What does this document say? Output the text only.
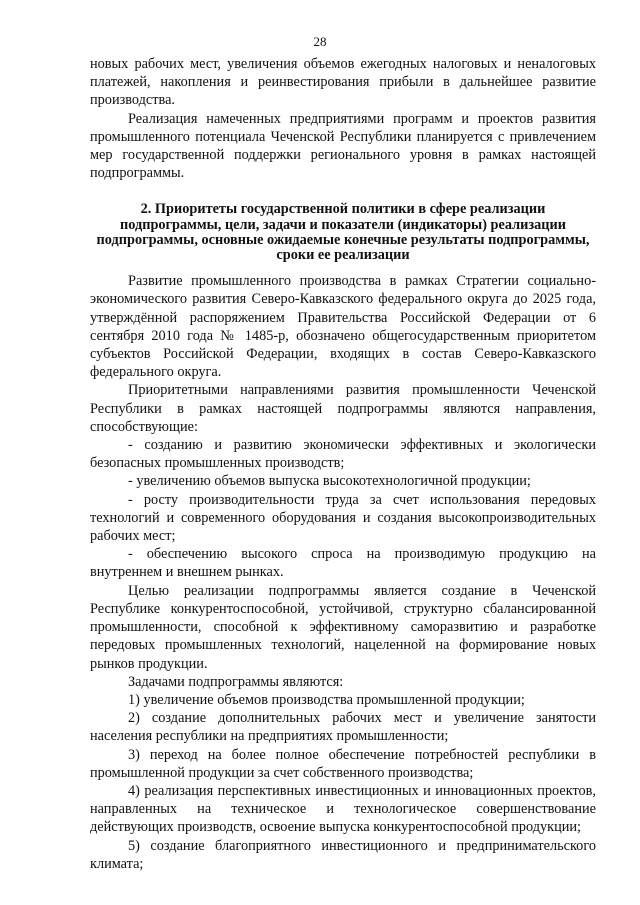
28

новых рабочих мест, увеличения объемов ежегодных налоговых и неналоговых платежей, накопления и реинвестирования прибыли в дальнейшее развитие производства.

Реализация намеченных предприятиями программ и проектов развития промышленного потенциала Чеченской Республики планируется с привлечением мер государственной поддержки регионального уровня в рамках настоящей подпрограммы.

2. Приоритеты государственной политики в сфере реализации подпрограммы, цели, задачи и показатели (индикаторы) реализации подпрограммы, основные ожидаемые конечные результаты подпрограммы, сроки ее реализации

Развитие промышленного производства в рамках Стратегии социально-экономического развития Северо-Кавказского федерального округа до 2025 года, утверждённой распоряжением Правительства Российской Федерации от 6 сентября 2010 года № 1485-р, обозначено общегосударственным приоритетом субъектов Российской Федерации, входящих в состав Северо-Кавказского федерального округа.

Приоритетными направлениями развития промышленности Чеченской Республики в рамках настоящей подпрограммы являются направления, способствующие:

- созданию и развитию экономически эффективных и экологически безопасных промышленных производств;

- увеличению объемов выпуска высокотехнологичной продукции;

- росту производительности труда за счет использования передовых технологий и современного оборудования и создания высокопроизводительных рабочих мест;

- обеспечению высокого спроса на производимую продукцию на внутреннем и внешнем рынках.

Целью реализации подпрограммы является создание в Чеченской Республике конкурентоспособной, устойчивой, структурно сбалансированной промышленности, способной к эффективному саморазвитию и разработке передовых промышленных технологий, нацеленной на формирование новых рынков продукции.

Задачами подпрограммы являются:

1) увеличение объемов производства промышленной продукции;

2) создание дополнительных рабочих мест и увеличение занятости населения республики на предприятиях промышленности;

3) переход на более полное обеспечение потребностей республики в промышленной продукции за счет собственного производства;

4) реализация перспективных инвестиционных и инновационных проектов, направленных на техническое и технологическое совершенствование действующих производств, освоение выпуска конкурентоспособной продукции;

5) создание благоприятного инвестиционного и предпринимательского климата;
